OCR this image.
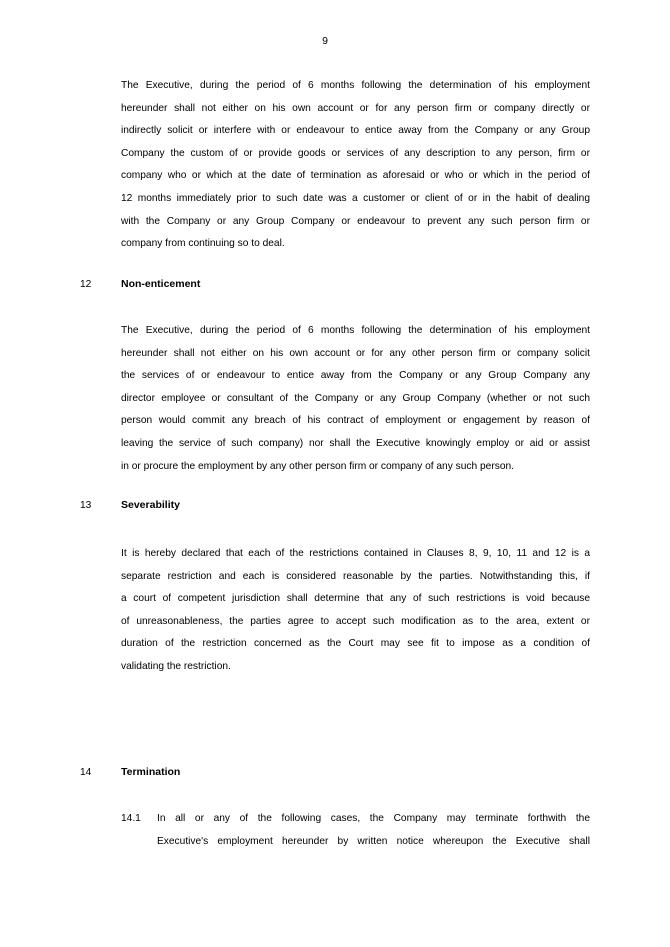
9
The Executive, during the period of 6 months following the determination of his employment
hereunder shall not either on his own account or for any person firm or company directly or
indirectly solicit or interfere with or endeavour to entice away from the Company or any Group
Company the custom of or provide goods or services of any description to any person, firm or
company who or which at the date of termination as aforesaid or who or which in the period of
12 months immediately prior to such date was a customer or client of or in the habit of dealing
with the Company or any Group Company or endeavour to prevent any such person firm or
company from continuing so to deal.
12	Non-enticement
The Executive, during the period of 6 months following the determination of his employment
hereunder shall not either on his own account or for any other person firm or company solicit
the services of or endeavour to entice away from the Company or any Group Company any
director employee or consultant of the Company or any Group Company (whether or not such
person would commit any breach of his contract of employment or engagement by reason of
leaving the service of such company) nor shall the Executive knowingly employ or aid or assist
in or procure the employment by any other person firm or company of any such person.
13	Severability
It is hereby declared that each of the restrictions contained in Clauses 8, 9, 10, 11 and 12 is a
separate restriction and each is considered reasonable by the parties. Notwithstanding this, if
a court of competent jurisdiction shall determine that any of such restrictions is void because
of unreasonableness, the parties agree to accept such modification as to the area, extent or
duration of the restriction concerned as the Court may see fit to impose as a condition of
validating the restriction.
14	Termination
14.1	In all or any of the following cases, the Company may terminate forthwith the
Executive's employment hereunder by written notice whereupon the Executive shall
